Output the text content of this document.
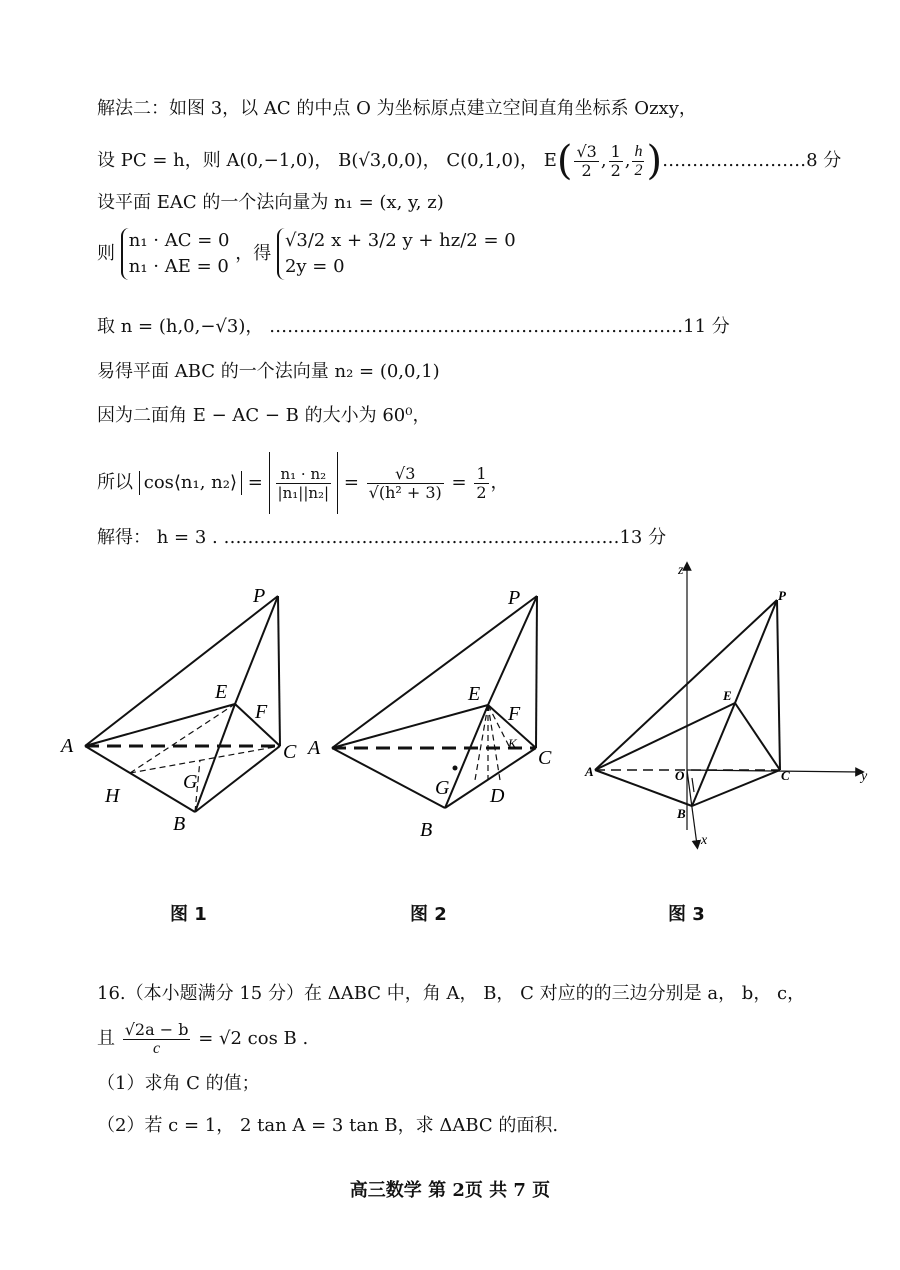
解法二：如图 3，以 AC 的中点 O 为坐标原点建立空间直角坐标系 Ozxy，
设 PC = h，则 A(0,−1,0)， B(√3,0,0)， C(0,1,0)， $E( \frac{√3}{2}$ , $\frac{1}{2}$ , $\frac{h}{2}$ )……………………8 分
设平面 EAC 的一个法向量为 n₁ = (x, y, z)
则
n₁ · AC = 0
n₁ · AE = 0
，得
√3/2 x + 3/2 y + hz/2 = 0
2y = 0
取 n = (h,0,−√3)， ……………………………………………………………11 分
易得平面 ABC 的一个法向量 n₂ = (0,0,1)
因为二面角 E − AC − B 的大小为 60⁰，
所以 cos⟨n₁, n₂⟩ = $\frac{\text{n₁ · n₂}}{\text{|n₁||n₂|}} = \frac{√3}{\text{√(h² + 3)}} = \frac{1}{2}$ ，
解得： h = 3 . …………………………………………………………13 分
P
A
E
F
C
H
G
B
P
A
E
F
K
C
G D
B
z
P
E
A	O	C	y
B
x
图 1	图 2	图 3
16.（本小题满分 15 分）在 ΔABC 中，角 A， B， C 对应的的三边分别是 a， b， c，
且 $\frac{√2a - b}{c} = √2$ cos B .
（1）求角 C 的值；
（2）若 c = 1， 2 tan A = 3 tan B，求 ΔABC 的面积.
高三数学 第 2页 共 7 页
